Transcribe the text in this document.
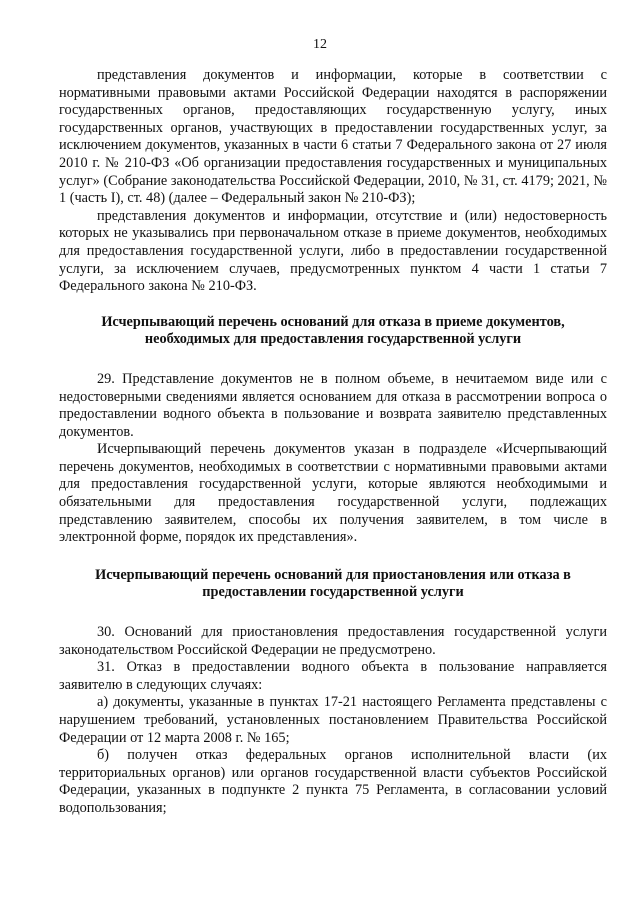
12

представления документов и информации, которые в соответствии с нормативными правовыми актами Российской Федерации находятся в распоряжении государственных органов, предоставляющих государственную услугу, иных государственных органов, участвующих в предоставлении государственных услуг, за исключением документов, указанных в части 6 статьи 7 Федерального закона от 27 июля 2010 г. № 210-ФЗ «Об организации предоставления государственных и муниципальных услуг» (Собрание законодательства Российской Федерации, 2010, № 31, ст. 4179; 2021, № 1 (часть I), ст. 48) (далее – Федеральный закон № 210-ФЗ);

представления документов и информации, отсутствие и (или) недостоверность которых не указывались при первоначальном отказе в приеме документов, необходимых для предоставления государственной услуги, либо в предоставлении государственной услуги, за исключением случаев, предусмотренных пунктом 4 части 1 статьи 7 Федерального закона № 210-ФЗ.

Исчерпывающий перечень оснований для отказа в приеме документов, необходимых для предоставления государственной услуги

29. Представление документов не в полном объеме, в нечитаемом виде или с недостоверными сведениями является основанием для отказа в рассмотрении вопроса о предоставлении водного объекта в пользование и возврата заявителю представленных документов.

Исчерпывающий перечень документов указан в подразделе «Исчерпывающий перечень документов, необходимых в соответствии с нормативными правовыми актами для предоставления государственной услуги, которые являются необходимыми и обязательными для предоставления государственной услуги, подлежащих представлению заявителем, способы их получения заявителем, в том числе в электронной форме, порядок их представления».

Исчерпывающий перечень оснований для приостановления или отказа в предоставлении государственной услуги

30. Оснований для приостановления предоставления государственной услуги законодательством Российской Федерации не предусмотрено.

31. Отказ в предоставлении водного объекта в пользование направляется заявителю в следующих случаях:

а) документы, указанные в пунктах 17-21 настоящего Регламента представлены с нарушением требований, установленных постановлением Правительства Российской Федерации от 12 марта 2008 г. № 165;

б) получен отказ федеральных органов исполнительной власти (их территориальных органов) или органов государственной власти субъектов Российской Федерации, указанных в подпункте 2 пункта 75 Регламента, в согласовании условий водопользования;
